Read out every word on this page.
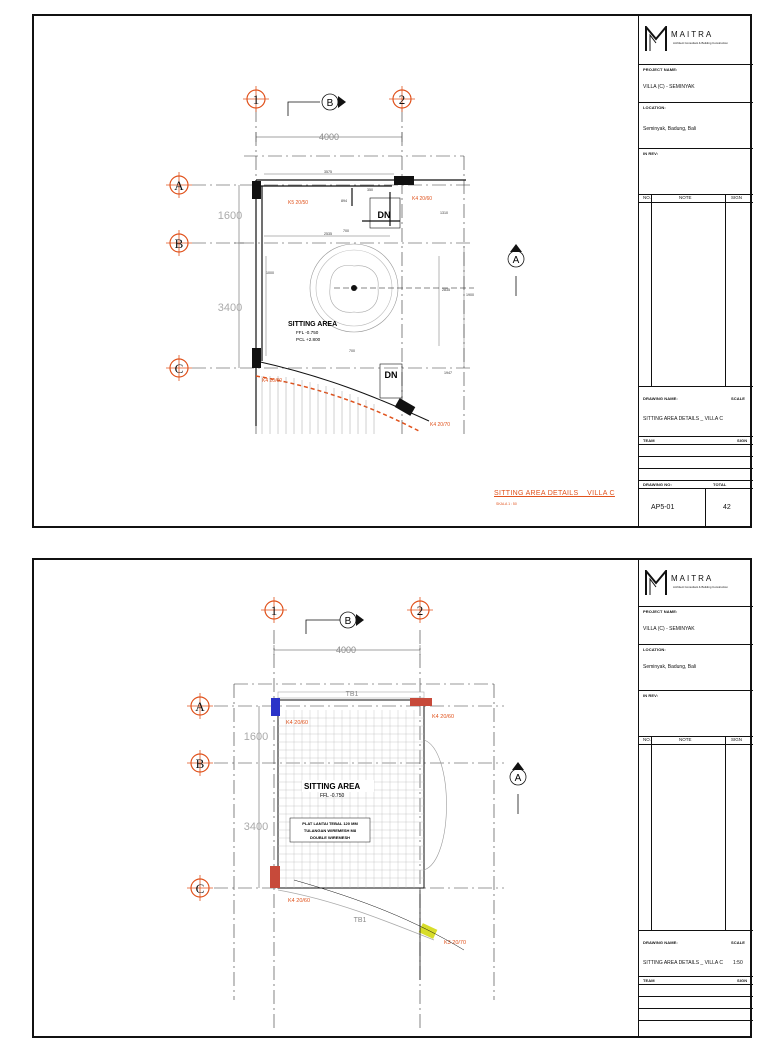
1	2
A
B
C
B
A
4000
1600
3400
DN
DN
3575
2535
894
350
700
700
1310
1900
1947
2835
1000
SITTING AREA
FFL -0.750
PCL +2.800
K5 20/50
K4 20/60
K4 20/60
K4 20/70
SITTING AREA DETAILS _ VILLA C
SKALA 1 : 50
MAITRA
Architect Consultant & Building Construction
PROJECT NAME:
VILLA (C) - SEMINYAK
LOCATION:
Seminyak, Badung, Bali
IN REV:
NO.	NOTE	SIGN
DRAWING NAME:	SCALE
SITTING AREA DETAILS _ VILLA C
TEAM	SIGN
DRAWING NO:	TOTAL
AP5-01	42
1	2
A
B
C
B
A
4000
1600
3400
TB1
TB1
K4 20/60
K4 20/60
K4 20/60
K3 20/70
SITTING AREA
FFL -0.750
PLAT LANTAI TEBAL 120 MM
TULANGAN WIREMESH M8
DOUBLE WIREMESH
MAITRA
Architect Consultant & Building Construction
PROJECT NAME:
VILLA (C) - SEMINYAK
LOCATION:
Seminyak, Badung, Bali
IN REV:
NO.	NOTE	SIGN
DRAWING NAME:	SCALE
SITTING AREA DETAILS _ VILLA C 1:50
TEAM	SIGN
